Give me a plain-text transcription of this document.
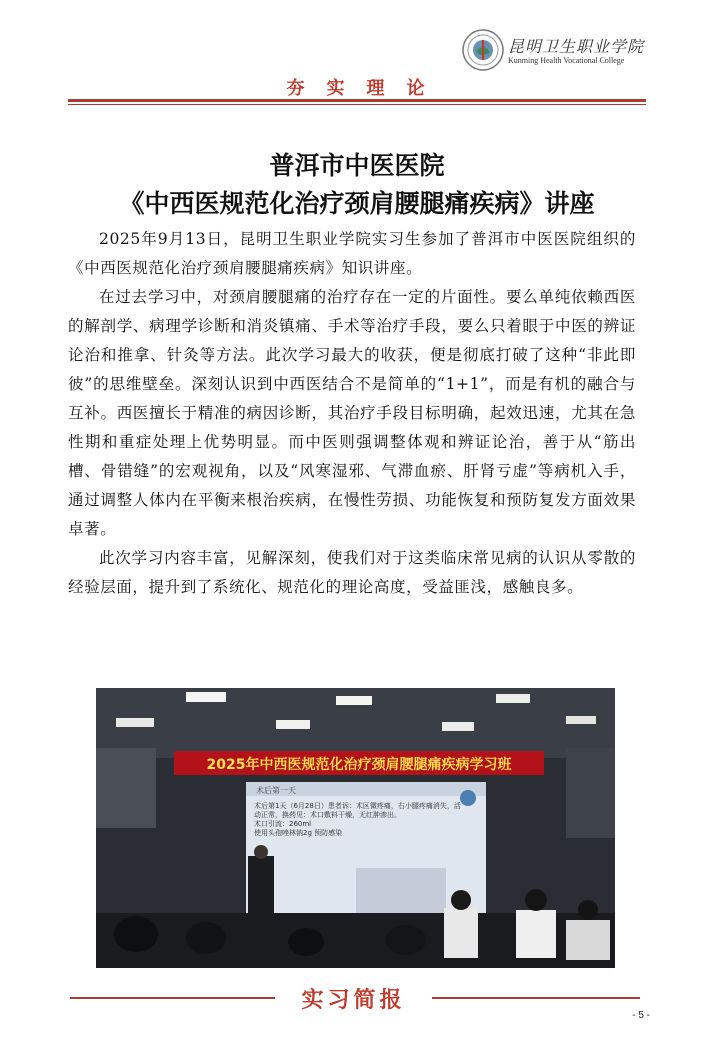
昆明卫生职业学院
Kunming Health Vocational College
夯实理论
普洱市中医医院
《中西医规范化治疗颈肩腰腿痛疾病》讲座

2025年9月13日，昆明卫生职业学院实习生参加了普洱市中医医院组织的《中西医规范化治疗颈肩腰腿痛疾病》知识讲座。

在过去学习中，对颈肩腰腿痛的治疗存在一定的片面性。要么单纯依赖西医的解剖学、病理学诊断和消炎镇痛、手术等治疗手段，要么只着眼于中医的辨证论治和推拿、针灸等方法。此次学习最大的收获，便是彻底打破了这种“非此即彼”的思维壁垒。深刻认识到中西医结合不是简单的“1+1”，而是有机的融合与互补。西医擅长于精准的病因诊断，其治疗手段目标明确，起效迅速，尤其在急性期和重症处理上优势明显。而中医则强调整体观和辨证论治，善于从“筋出槽、骨错缝”的宏观视角，以及“风寒湿邪、气滞血瘀、肝肾亏虚”等病机入手，通过调整人体内在平衡来根治疾病，在慢性劳损、功能恢复和预防复发方面效果卓著。

此次学习内容丰富，见解深刻，使我们对于这类临床常见病的认识从零散的经验层面，提升到了系统化、规范化的理论高度，受益匪浅，感触良多。

2025年中西医规范化治疗颈肩腰腿痛疾病学习班
术后第一天
术后第1天（6月28日）患者诉：术区微疼痛，右小腿疼痛消失，活动正常，换药见：术口敷料干燥，无红肿渗出。
术口引流：260ml
使用头孢唑林钠2g 预防感染
实习简报
- 5 -
